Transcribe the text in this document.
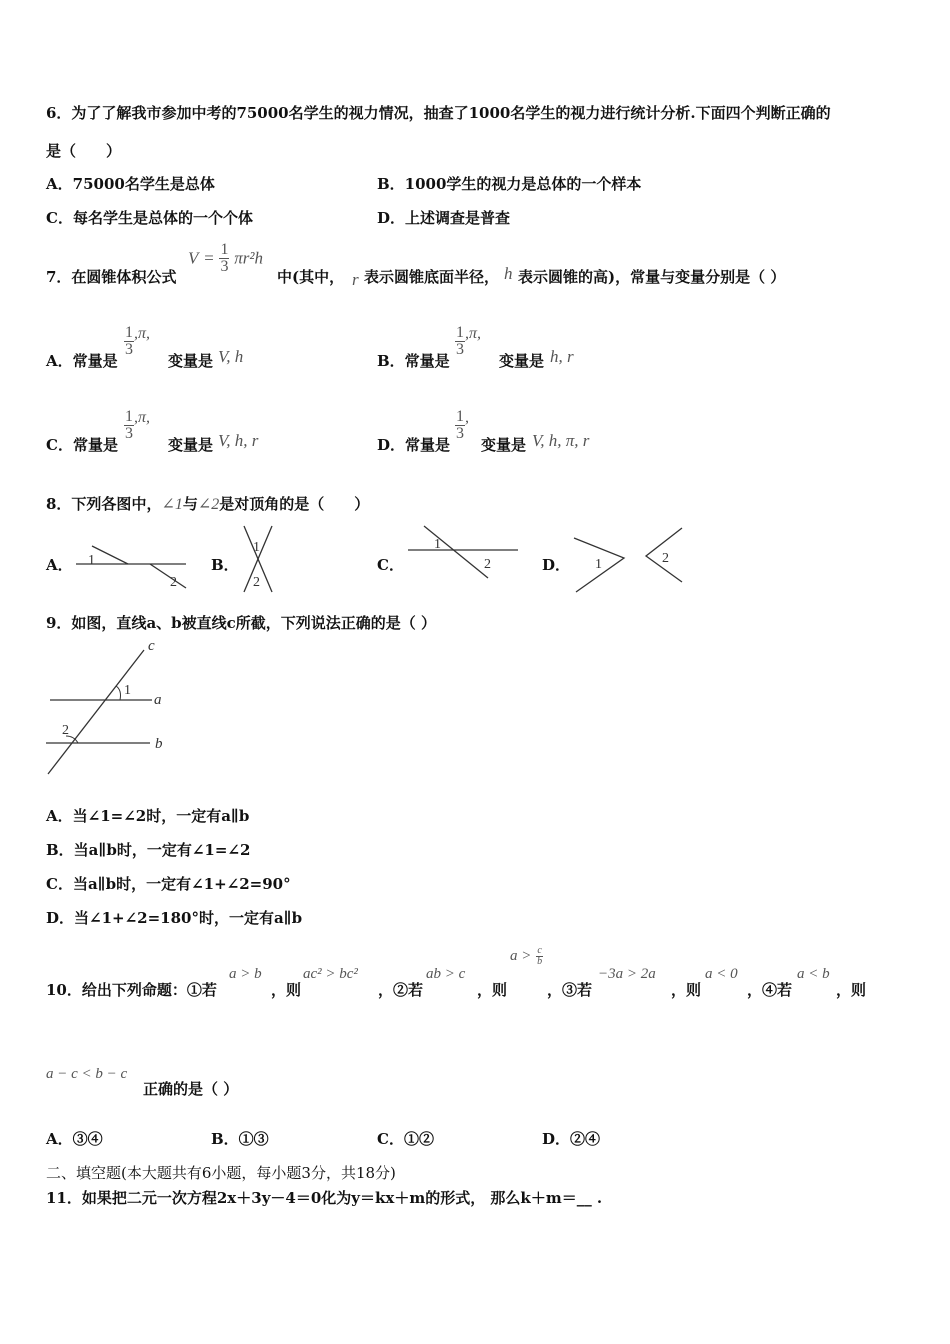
6．为了了解我市参加中考的75000名学生的视力情况，抽查了1000名学生的视力进行统计分析.下面四个判断正确的
是（　　）
A．75000名学生是总体	B．1000学生的视力是总体的一个样本
C．每名学生是总体的一个个体	D．上述调查是普查
7．在圆锥体积公式
$V = \frac{1}{3} \pi r^2h$
中(其中， r 表示圆锥底面半径， h 表示圆锥的高)，常量与变量分别是（ ）
A．常量是
$\frac{1}{3} ,\pi$,
变量是 V, h	B．常量是
$\frac{1}{3} ,\pi$,
变量是 h, r
C．常量是
$\frac{1}{3} ,\pi$,
变量是 V, h, r	D．常量是
$\frac{1}{3}$ ,
变量是 V, h, π, r
8．下列各图中，∠1与∠2是对顶角的是（　　）
A． 1
2
B．
1
2
C．
1
2	D． 1	2
9．如图，直线a、b被直线c所截，下列说法正确的是（ ）
c
a
b
1
2
A．当∠1=∠2时，一定有a∥b
B．当a∥b时，一定有∠1=∠2
C．当a∥b时，一定有∠1+∠2=90°
D．当∠1+∠2=180°时，一定有a∥b
10．给出下列命题：①若
a > b
，则
ac² > bc²
，②若
ab > c
，则
$a > \frac{c}{b}$
，③若
−3a > 2a
，则
a < 0
，④若
a < b
，则
a − c < b − c
正确的是（ ）
A．③④	B．①③	C．①②	D．②④
二、填空题(本大题共有6小题，每小题3分，共18分)
11．如果把二元一次方程2x＋3y－4＝0化为y＝kx＋m的形式， 那么k＋m＝__ .
